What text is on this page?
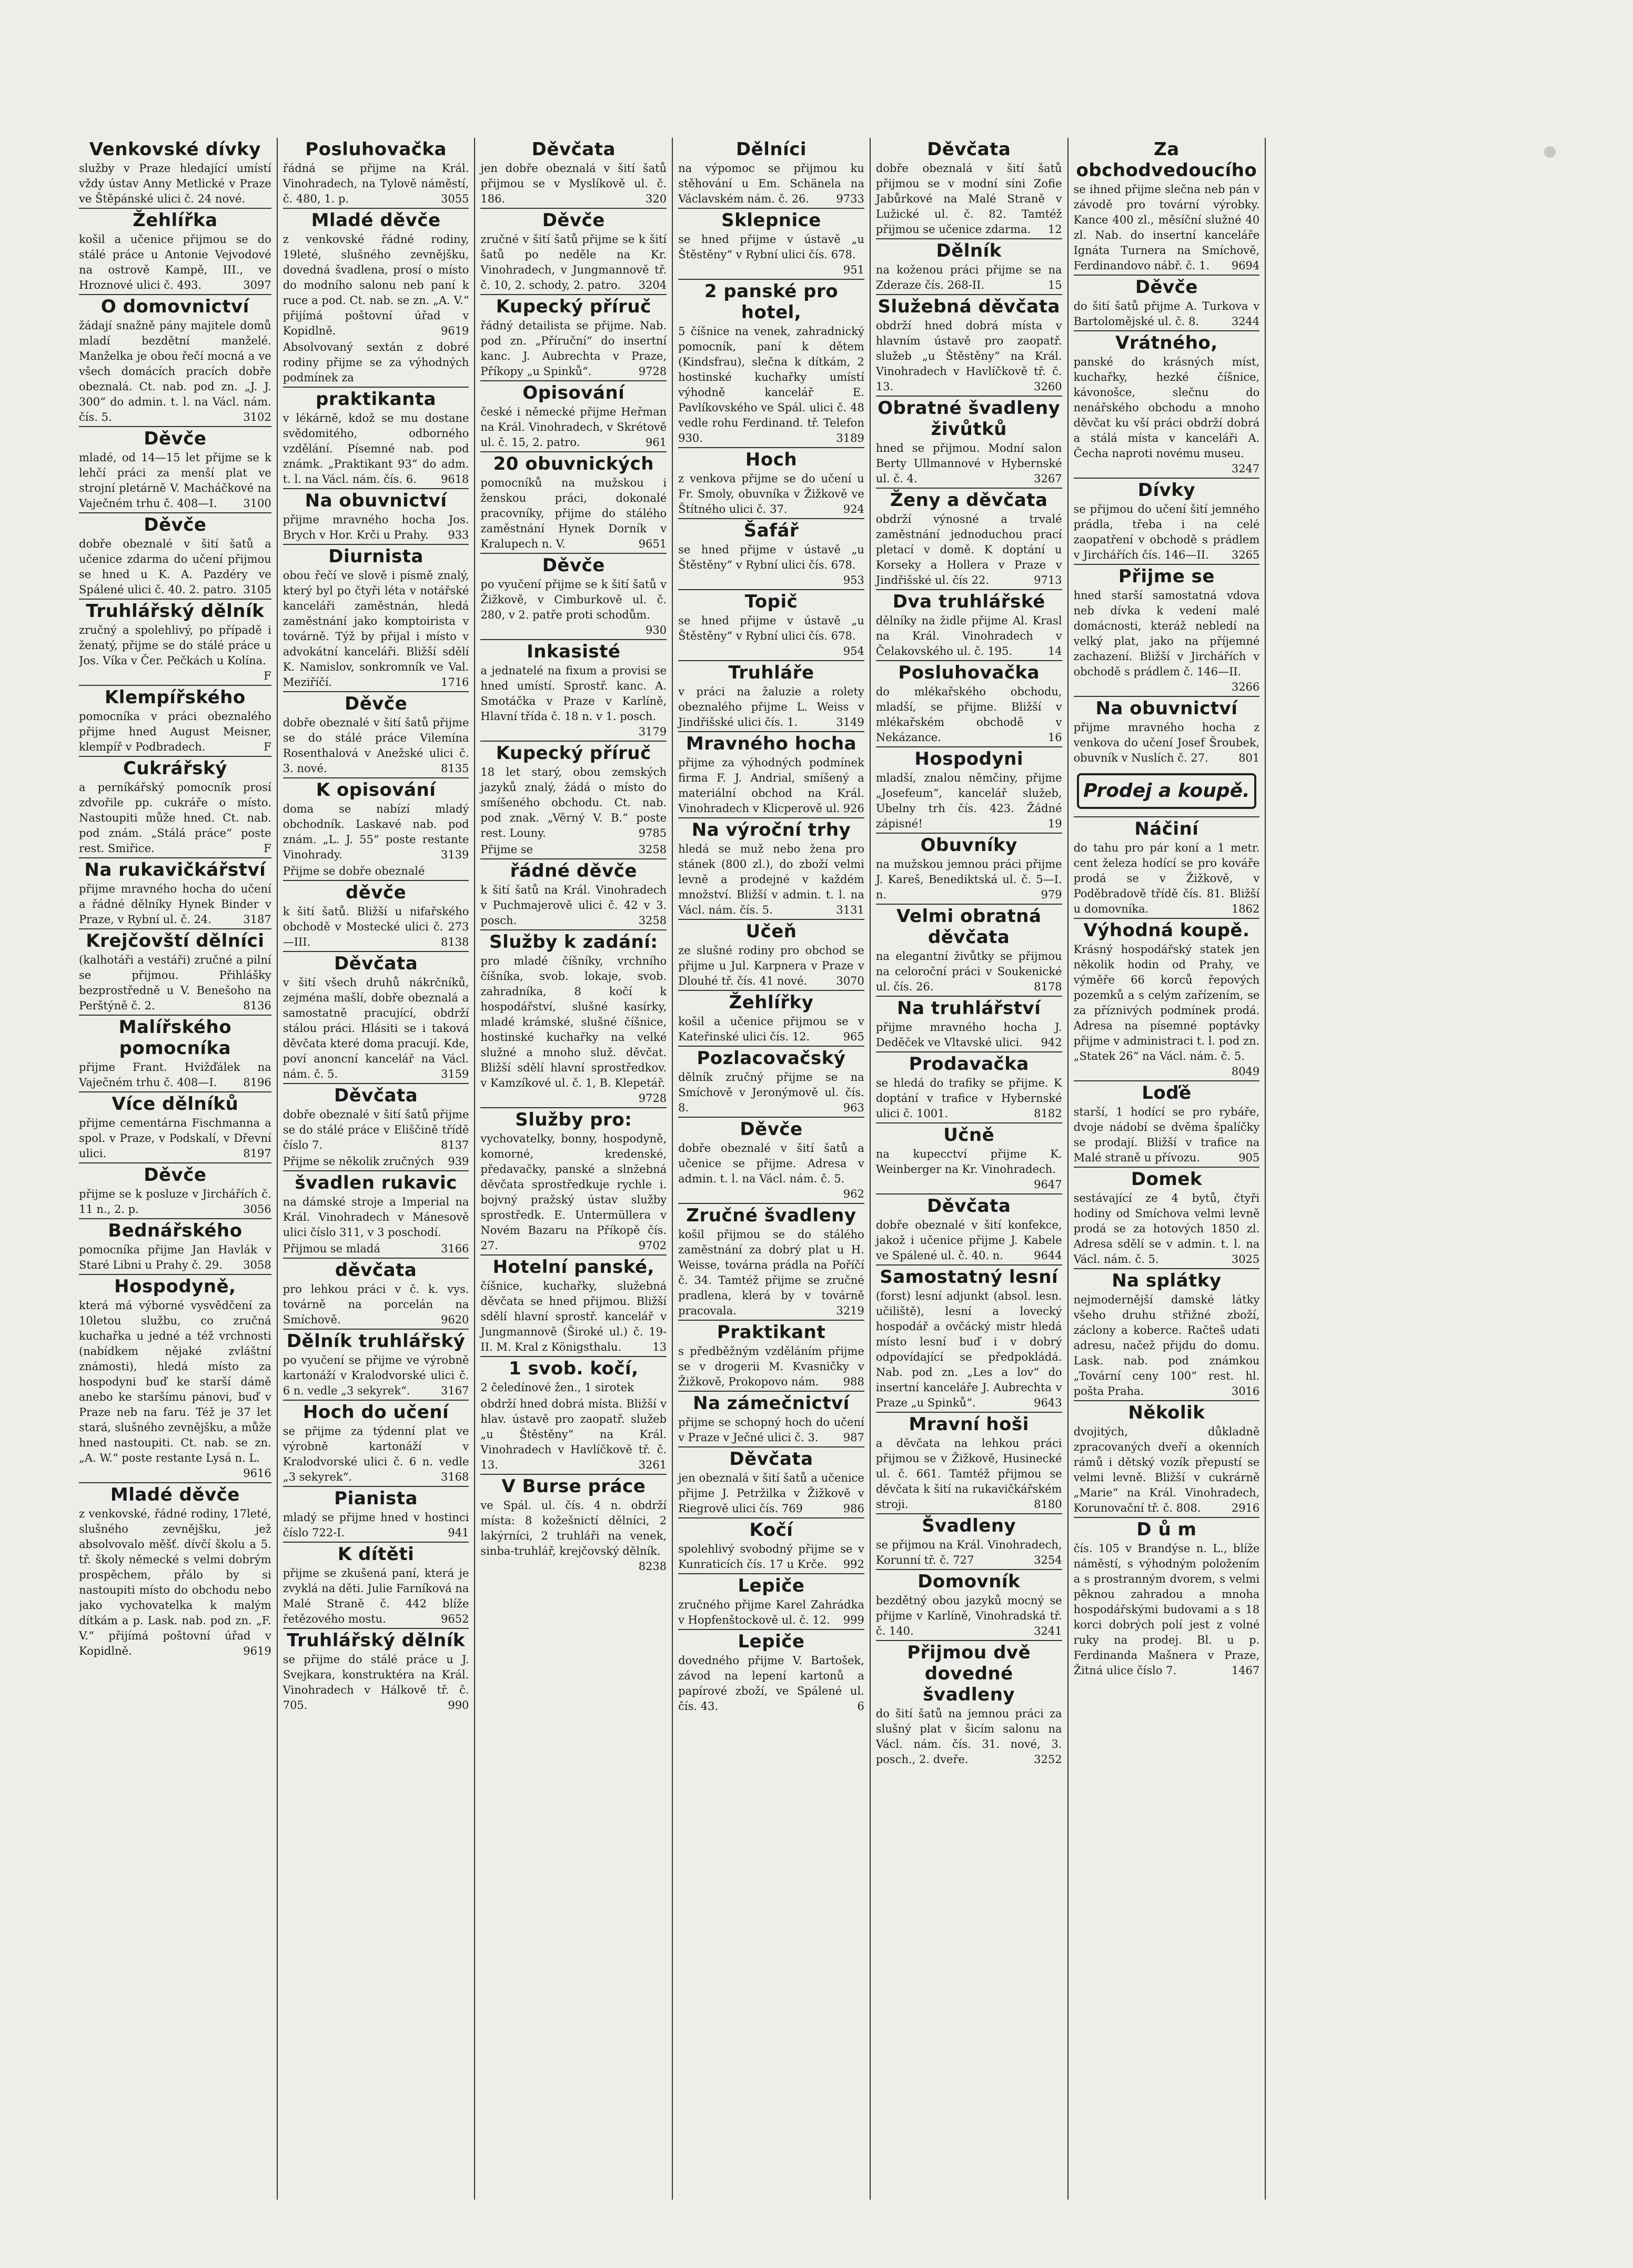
Venkovské dívky
služby v Praze hledající umístí vždy ústav Anny Metlické v Praze ve Štěpánské ulici č. 24 nové.
Žehlířka
košil a učenice přijmou se do stálé práce u Antonie Vejvodové na ostrově Kampě, III., ve Hroznové ulici č. 493.	3097
O domovnictví
žádají snažně pány majitele domů mladí bezdětní manželé. Manželka je obou řečí mocná a ve všech domácích pracích dobře obeznalá. Ct. nab. pod zn. „J. J. 300“ do admin. t. l. na Václ. nám. čís. 5.	3102
Děvče
mladé, od 14—15 let přijme se k lehčí práci za menší plat ve strojní pletárně V. Macháčkové na Vaječném trhu č. 408—I. 3100
Děvče
dobře obeznalé v šití šatů a učenice zdarma do učení přijmou se hned u K. A. Pazdéry ve Spálené ulici č. 40. 2. patro. 3105
Truhlářský dělník
zručný a spolehlivý, po případě i ženatý, přijme se do stálé práce u Jos. Víka v Čer. Pečkách u Kolína.
F
Klempířského
pomocníka v práci obeznalého přijme hned August Meisner, klempíř v Podbradech.	F
Cukrářský
a perníkářský pomocník prosí zdvořile pp. cukráře o místo. Nastoupiti může hned. Ct. nab. pod znám. „Stálá práce“ poste rest. Smiřice.	F
Na rukavičkářství
přijme mravného hocha do učení a řádné dělníky Hynek Binder v Praze, v Rybní ul. č. 24.	3187
Krejčovští dělníci
(kalhotáři a vestáři) zručné a pilní se přijmou. Přihlášky bezprostředně u V. Benešoho na Perštýně č. 2.	8136
Malířského pomocníka
přijme Frant. Hvižďálek na Vaječném trhu č. 408—I. 8196
Více dělníků
přijme cementárna Fischmanna a spol. v Praze, v Podskalí, v Dřevní ulici.	8197
Děvče
přijme se k posluze v Jirchářích č. 11 n., 2. p.	3056
Bednářského
pomocníka přijme Jan Havlák v Staré Libni u Prahy č. 29. 3058
Hospodyně,
která má výborné vysvědčení za 10letou službu, co zručná kuchařka u jedné a též vrchnosti (nabídkem nějaké zvláštní známosti), hledá místo za hospodyni buď ke starší dámě anebo ke staršímu pánovi, buď v Praze neb na faru. Též je 37 let stará, slušného zevnějšku, a může hned nastoupiti. Ct. nab. se zn. „A. W.“ poste restante Lysá n. L.
9616
Mladé děvče
z venkovské, řádné rodiny, 17leté, slušného zevnějšku, jež absolvovalo měšť. dívčí školu a 5. tř. školy německé s velmi dobrým prospěchem, přálo by si nastoupiti místo do obchodu nebo jako vychovatelka k malým dítkám a p. Lask. nab. pod zn. „F. V.“ přijímá poštovní úřad v Kopidlně.	9619
Posluhovačka
řádná se přijme na Král. Vinohradech, na Tylově náměstí, č. 480, 1. p.	3055
Mladé děvče
z venkovské řádné rodiny, 19leté, slušného zevnějšku, dovedná švadlena, prosí o místo do modního salonu neb paní k ruce a pod. Ct. nab. se zn. „A. V.“ přijímá poštovní úřad v Kopidlně.	9619
Absolvovaný sextán z dobré rodiny přijme se za výhodných podmínek za
praktikanta
v lékárně, kdož se mu dostane svědomitého, odborného vzdělání. Písemné nab. pod známk. „Praktikant 93“ do adm. t. l. na Václ. nám. čís. 6. 9618
Na obuvnictví
přijme mravného hocha Jos. Brych v Hor. Krči u Prahy. 933
Diurnista
obou řečí ve slově i písmě znalý, který byl po čtyři léta v notářské kanceláři zaměstnán, hledá zaměstnání jako komptoirista v továrně. Týž by přijal i místo v advokátní kanceláři. Bližší sdělí K. Namislov, sonkromník ve Val. Meziříčí.	1716
Děvče
dobře obeznalé v šití šatů přijme se do stálé práce Vilemína Rosenthalová v Anežské ulici č. 3. nové.	8135
K opisování
doma se nabízí mladý obchodník. Laskavé nab. pod znám. „L. J. 55“ poste restante Vinohrady.	3139
Přijme se dobře obeznalé
děvče
k šití šatů. Bližší u nifařského obchodě v Mostecké ulici č. 273—III.	8138
Děvčata
v šití všech druhů nákrčníků, zejména mašlí, dobře obeznalá a samostatně pracující, obdrží stálou práci. Hlásiti se i taková děvčata které doma pracují. Kde, poví anoncní kancelář na Václ. nám. č. 5.	3159
Děvčata
dobře obeznalé v šití šatů přijme se do stálé práce v Eliščině třídě číslo 7.	8137
Přijme se několik zručných 939
švadlen rukavic
na dámské stroje a Imperial na Král. Vinohradech v Mánesově ulici číslo 311, v 3 poschodí.
Přijmou se mladá	3166
děvčata
pro lehkou práci v č. k. vys. továrně na porcelán na Smíchově.	9620
Dělník truhlářský
po vyučení se přijme ve výrobně kartonáží v Kralodvorské ulici č. 6 n. vedle „3 sekyrek“.	3167
Hoch do učení
se přijme za týdenní plat ve výrobně kartonáží v Kralodvorské ulici č. 6 n. vedle „3 sekyrek“.	3168
Pianista
mladý se přijme hned v hostinci číslo 722-I.	941
K dítěti
přijme se zkušená paní, která je zvyklá na děti. Julie Farníková na Malé Straně č. 442 blíže řetězového mostu.	9652
Truhlářský dělník
se přijme do stálé práce u J. Svejkara, konstruktéra na Král. Vinohradech v Hálkově tř. č. 705.	990
Děvčata
jen dobře obeznalá v šití šatů přijmou se v Myslíkově ul. č. 186.	320
Děvče
zručné v šití šatů přijme se k šití šatů po neděle na Kr. Vinohradech, v Jungmannově tř. č. 10, 2. schody, 2. patro. 3204
Kupecký příruč
řádný detailista se přijme. Nab. pod zn. „Příruční“ do insertní kanc. J. Aubrechta v Praze, Příkopy „u Spinků“.	9728
Opisování
české i německé přijme Heřman na Král. Vinohradech, v Skrétově ul. č. 15, 2. patro.	961
20 obuvnických
pomocníků na mužskou i ženskou práci, dokonalé pracovníky, přijme do stálého zaměstnání Hynek Dorník v Kralupech n. V.	9651
Děvče
po vyučení přijme se k šití šatů v Žižkově, v Cimburkově ul. č. 280, v 2. patře proti schodům.
930
Inkasisté
a jednatelé na fixum a provisi se hned umístí. Sprostř. kanc. A. Smotáčka v Praze v Karlíně, Hlavní třída č. 18 n. v 1. posch.
3179
Kupecký příruč
18 let starý, obou zemských jazyků znalý, žádá o místo do smíšeného obchodu. Ct. nab. pod znak. „Věrný V. B.“ poste rest. Louny.	9785
Přijme se	3258
řádné děvče
k šití šatů na Král. Vinohradech v Puchmajerově ulici č. 42 v 3. posch.	3258
Služby k zadání:
pro mladé číšníky, vrchního číšníka, svob. lokaje, svob. zahradníka, 8 kočí k hospodářství, slušné kasírky, mladé krámské, slušné číšnice, hostinské kuchařky na velké služné a mnoho služ. děvčat. Bližší sdělí hlavní sprostředkov. v Kamzíkové ul. č. 1, B. Klepetář.
9728
Služby pro:
vychovatelky, bonny, hospodyně, komorné, kredenské, předavačky, panské a slnžebná děvčata sprostředkuje rychle i. bojvný pražský ústav služby sprostředk. E. Untermüllera v Novém Bazaru na Příkopě čís. 27.	9702
Hotelní panské,
číšnice, kuchařky, služebná děvčata se hned přijmou. Bližší sdělí hlavní sprostř. kancelář v Jungmannově (Široké ul.) č. 19-II. M. Kral z Königsthalu.	13
1 svob. kočí,
2 čeledínové žen., 1 sirotek
obdrží hned dobrá místa. Bližší v hlav. ústavě pro zaopatř. služeb „u Štěstěny“ na Král. Vinohradech v Havlíčkově tř. č. 13.	3261
V Burse práce
ve Spál. ul. čís. 4 n. obdrží místa: 8 kožešnictí dělníci, 2 lakýrníci, 2 truhláři na venek, sinba-truhlář, krejčovský dělník.
8238
Dělníci
na výpomoc se přijmou ku stěhování u Em. Schänela na Václavském nám. č. 26. 9733
Sklepnice
se hned přijme v ústavě „u Štěstěny“ v Rybní ulici čís. 678.
951
2 panské pro hotel,
5 číšnice na venek, zahradnický pomocník, paní k dětem (Kindsfrau), slečna k dítkám, 2 hostinské kuchařky umístí výhodně kancelář E. Pavlíkovského ve Spál. ulici č. 48 vedle rohu Ferdinand. tř. Telefon 930.	3189
Hoch
z venkova přijme se do učení u Fr. Smoly, obuvníka v Žižkově ve Štítného ulici č. 37.	924
Šafář
se hned přijme v ústavě „u Štěstěny“ v Rybní ulici čís. 678.
953
Topič
se hned přijme v ústavě „u Štěstěny“ v Rybní ulici čís. 678.
954
Truhláře
v práci na žaluzie a rolety obeznalého přijme L. Weiss v Jindřišské ulici čís. 1.	3149
Mravného hocha
přijme za výhodných podmínek firma F. J. Andrial, smíšený a materiální obchod na Král. Vinohradech v Klicperově ul. 926
Na výroční trhy
hledá se muž nebo žena pro stánek (800 zl.), do zboží velmi levně a prodejné v každém množství. Bližší v admin. t. l. na Václ. nám. čís. 5.	3131
Učeň
ze slušné rodiny pro obchod se přijme u Jul. Karpnera v Praze v Dlouhé tř. čís. 41 nové.	3070
Žehlířky
košil a učenice přijmou se v Kateřinské ulici čís. 12.	965
Pozlacovačský
dělník zručný přijme se na Smíchově v Jeronýmově ul. čís. 8.	963
Děvče
dobře obeznalé v šití šatů a učenice se přijme. Adresa v admin. t. l. na Václ. nám. č. 5.
962
Zručné švadleny
košil přijmou se do stálého zaměstnání za dobrý plat u H. Weisse, továrna prádla na Poříčí č. 34. Tamtéž přijme se zručné pradlena, klerá by v továrně pracovala.	3219
Praktikant
s předběžným vzděláním přijme se v drogerii M. Kvasničky v Žižkově, Prokopovo nám. 988
Na zámečnictví
přijme se schopný hoch do učení v Praze v Ječné ulici č. 3. 987
Děvčata
jen obeznalá v šití šatů a učenice přijme J. Petržilka v Žižkově v Riegrově ulici čís. 769	986
Kočí
spolehlivý svobodný přijme se v Kunraticích čís. 17 u Krče. 992
Lepiče
zručného přijme Karel Zahrádka v Hopfenštockově ul. č. 12. 999
Lepiče
dovedného přijme V. Bartošek, závod na lepení kartonů a papírové zboží, ve Spálené ul. čís. 43.	6
Děvčata
dobře obeznalá v šití šatů přijmou se v modní síni Zofie Jabůrkové na Malé Straně v Lužické ul. č. 82. Tamtéž přijmou se učenice zdarma. 12
Dělník
na koženou práci přijme se na Zderaze čís. 268-II.	15
Služebná děvčata
obdrží hned dobrá místa v hlavním ústavě pro zaopatř. služeb „u Štěstěny“ na Král. Vinohradech v Havlíčkově tř. č. 13.	3260
Obratné švadleny živůtků
hned se přijmou. Modní salon Berty Ullmannové v Hybernské ul. č. 4.	3267
Ženy a děvčata
obdrží výnosné a trvalé zaměstnání jednoduchou prací pletací v domě. K doptání u Korseky a Hollera v Praze v Jindřišské ul. čís 22.	9713
Dva truhlářské
dělníky na židle přijme Al. Krasl na Král. Vinohradech v Čelakovského ul. č. 195.	14
Posluhovačka
do mlékařského obchodu, mladší, se přijme. Bližší v mlékařském obchodě v Nekázance.	16
Hospodyni
mladší, znalou němčiny, přijme „Josefeum“, kancelář služeb, Ubelny trh čís. 423. Žádné zápisné!	19
Obuvníky
na mužskou jemnou práci přijme J. Kareš, Benediktská ul. č. 5—I. n.	979
Velmi obratná děvčata
na elegantní živůtky se přijmou na celoroční práci v Soukenické ul. čís. 26.	8178
Na truhlářství
přijme mravného hocha J. Deděček ve Vltavské ulici. 942
Prodavačka
se hledá do trafiky se přijme. K doptání v trafice v Hybernské ulici č. 1001.	8182
Učně
na kupecctví přijme K. Weinberger na Kr. Vinohradech.
9647
Děvčata
dobře obeznalé v šití konfekce, jakož i učenice přijme J. Kabele ve Spálené ul. č. 40. n.	9644
Samostatný lesní
(forst) lesní adjunkt (absol. lesn. učiliště), lesní a lovecký hospodář a ovčácký mistr hledá místo lesní buď i v dobrý odpovídající se předpokládá. Nab. pod zn. „Les a lov“ do insertní kanceláře J. Aubrechta v Praze „u Spinků“.	9643
Mravní hoši
a děvčata na lehkou práci přijmou se v Žižkově, Husinecké ul. č. 661. Tamtéž přijmou se děvčata k šití na rukavičkářském stroji.	8180
Švadleny
se přijmou na Král. Vinohradech, Korunní tř. č. 727	3254
Domovník
bezdětný obou jazyků mocný se přijme v Karlíně, Vinohradská tř. č. 140.	3241
Přijmou dvě dovedné švadleny
do šití šatů na jemnou práci za slušný plat v šicím salonu na Václ. nám. čís. 31. nové, 3. posch., 2. dveře.	3252
Za obchodvedoucího
se ihned přijme slečna neb pán v závodě pro tovární výrobky. Kance 400 zl., měsíční služné 40 zl. Nab. do insertní kanceláře Ignáta Turnera na Smíchově, Ferdinandovo nábř. č. 1. 9694
Děvče
do šití šatů přijme A. Turkova v Bartolomějské ul. č. 8.	3244
Vrátného,
panské do krásných míst, kuchařky, hezké číšnice, kávonošce, slečnu do nenářského obchodu a mnoho děvčat ku vší práci obdrží dobrá a stálá místa v kanceláři A. Čecha naproti novému museu.
3247
Dívky
se přijmou do učení šití jemného prádla, třeba i na celé zaopatření v obchodě s prádlem v Jirchářích čís. 146—II. 3265
Přijme se
hned starší samostatná vdova neb dívka k vedení malé domácnosti, kteráž nebledí na velký plat, jako na příjemné zachazení. Bližší v Jirchářích v obchodě s prádlem č. 146—II.
3266
Na obuvnictví
přijme mravného hocha z venkova do učení Josef Šroubek, obuvník v Nuslích č. 27.	801
Prodej a koupě.
Náčiní
do tahu pro pár koní a 1 metr. cent železa hodící se pro kováře prodá se v Žižkově, v Poděbradově třídě čís. 81. Bližší u domovníka.	1862
Výhodná koupě.
Krásný hospodářský statek jen několik hodin od Prahy, ve výměře 66 korců řepových pozemků a s celým zařízením, se za příznivých podmínek prodá. Adresa na písemné poptávky přijme v administraci t. l. pod zn. „Statek 26“ na Václ. nám. č. 5.
8049
Loďě
starší, 1 hodící se pro rybáře, dvoje nádobí se dvěma špalíčky se prodají. Bližší v trafice na Malé straně u přívozu.	905
Domek
sestávající ze 4 bytů, čtyři hodiny od Smíchova velmi levně prodá se za hotových 1850 zl. Adresa sdělí se v admin. t. l. na Václ. nám. č. 5.	3025
Na splátky
nejmodernější damské látky všeho druhu střižné zboží, záclony a koberce. Račteš udati adresu, načež přijdu do domu. Lask. nab. pod známkou „Tovární ceny 100“ rest. hl. pošta Praha.	3016
Několik
dvojitých, důkladně zpracovaných dveří a okenních rámů i dětský vozík přepustí se velmi levně. Bližší v cukrárně „Marie“ na Král. Vinohradech, Korunovační tř. č. 808.	2916
D ů m
čís. 105 v Brandýse n. L., blíže náměstí, s výhodným položením a s prostranným dvorem, s velmi pěknou zahradou a mnoha hospodářskými budovami a s 18 korci dobrých polí jest z volné ruky na prodej. Bl. u p. Ferdinanda Mašnera v Praze, Žitná ulice číslo 7.	1467
